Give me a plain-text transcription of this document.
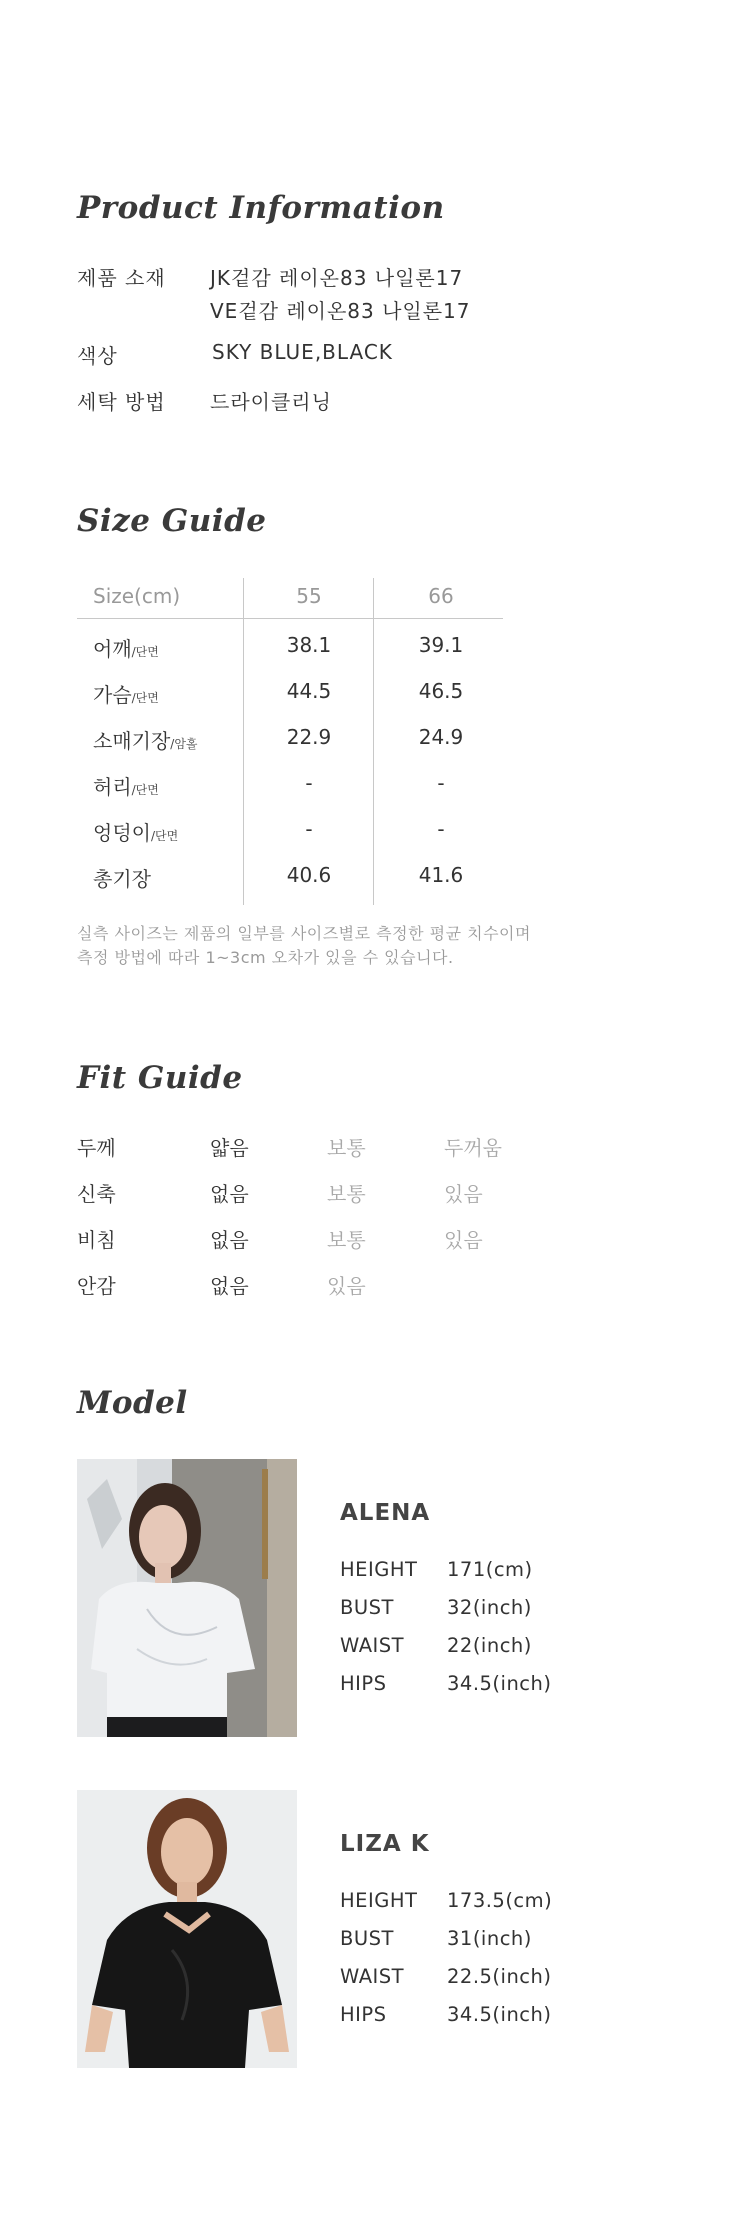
Product Information
제품 소재 JK겉감 레이온83 나일론17
VE겉감 레이온83 나일론17
색상	SKY BLUE,BLACK
세탁 방법 드라이클리닝
Size Guide
Size(cm)	55	66
어깨/단면	38.1	39.1
가슴/단면	44.5	46.5
소매기장/암홀	22.9	24.9
허리/단면	-	-
엉덩이/단면	-	-
총기장	40.6	41.6
실측 사이즈는 제품의 일부를 사이즈별로 측정한 평균 치수이며
측정 방법에 따라 1~3cm 오차가 있을 수 있습니다.
Fit Guide
두께	얇음	보통	두꺼움
신축	없음	보통	있음
비침	없음	보통	있음
안감	없음	있음
Model
ALENA
HEIGHT 171(cm)
BUST	32(inch)
WAIST 22(inch)
HIPS	34.5(inch)
LIZA K
HEIGHT 173.5(cm)
BUST	31(inch)
WAIST 22.5(inch)
HIPS	34.5(inch)
